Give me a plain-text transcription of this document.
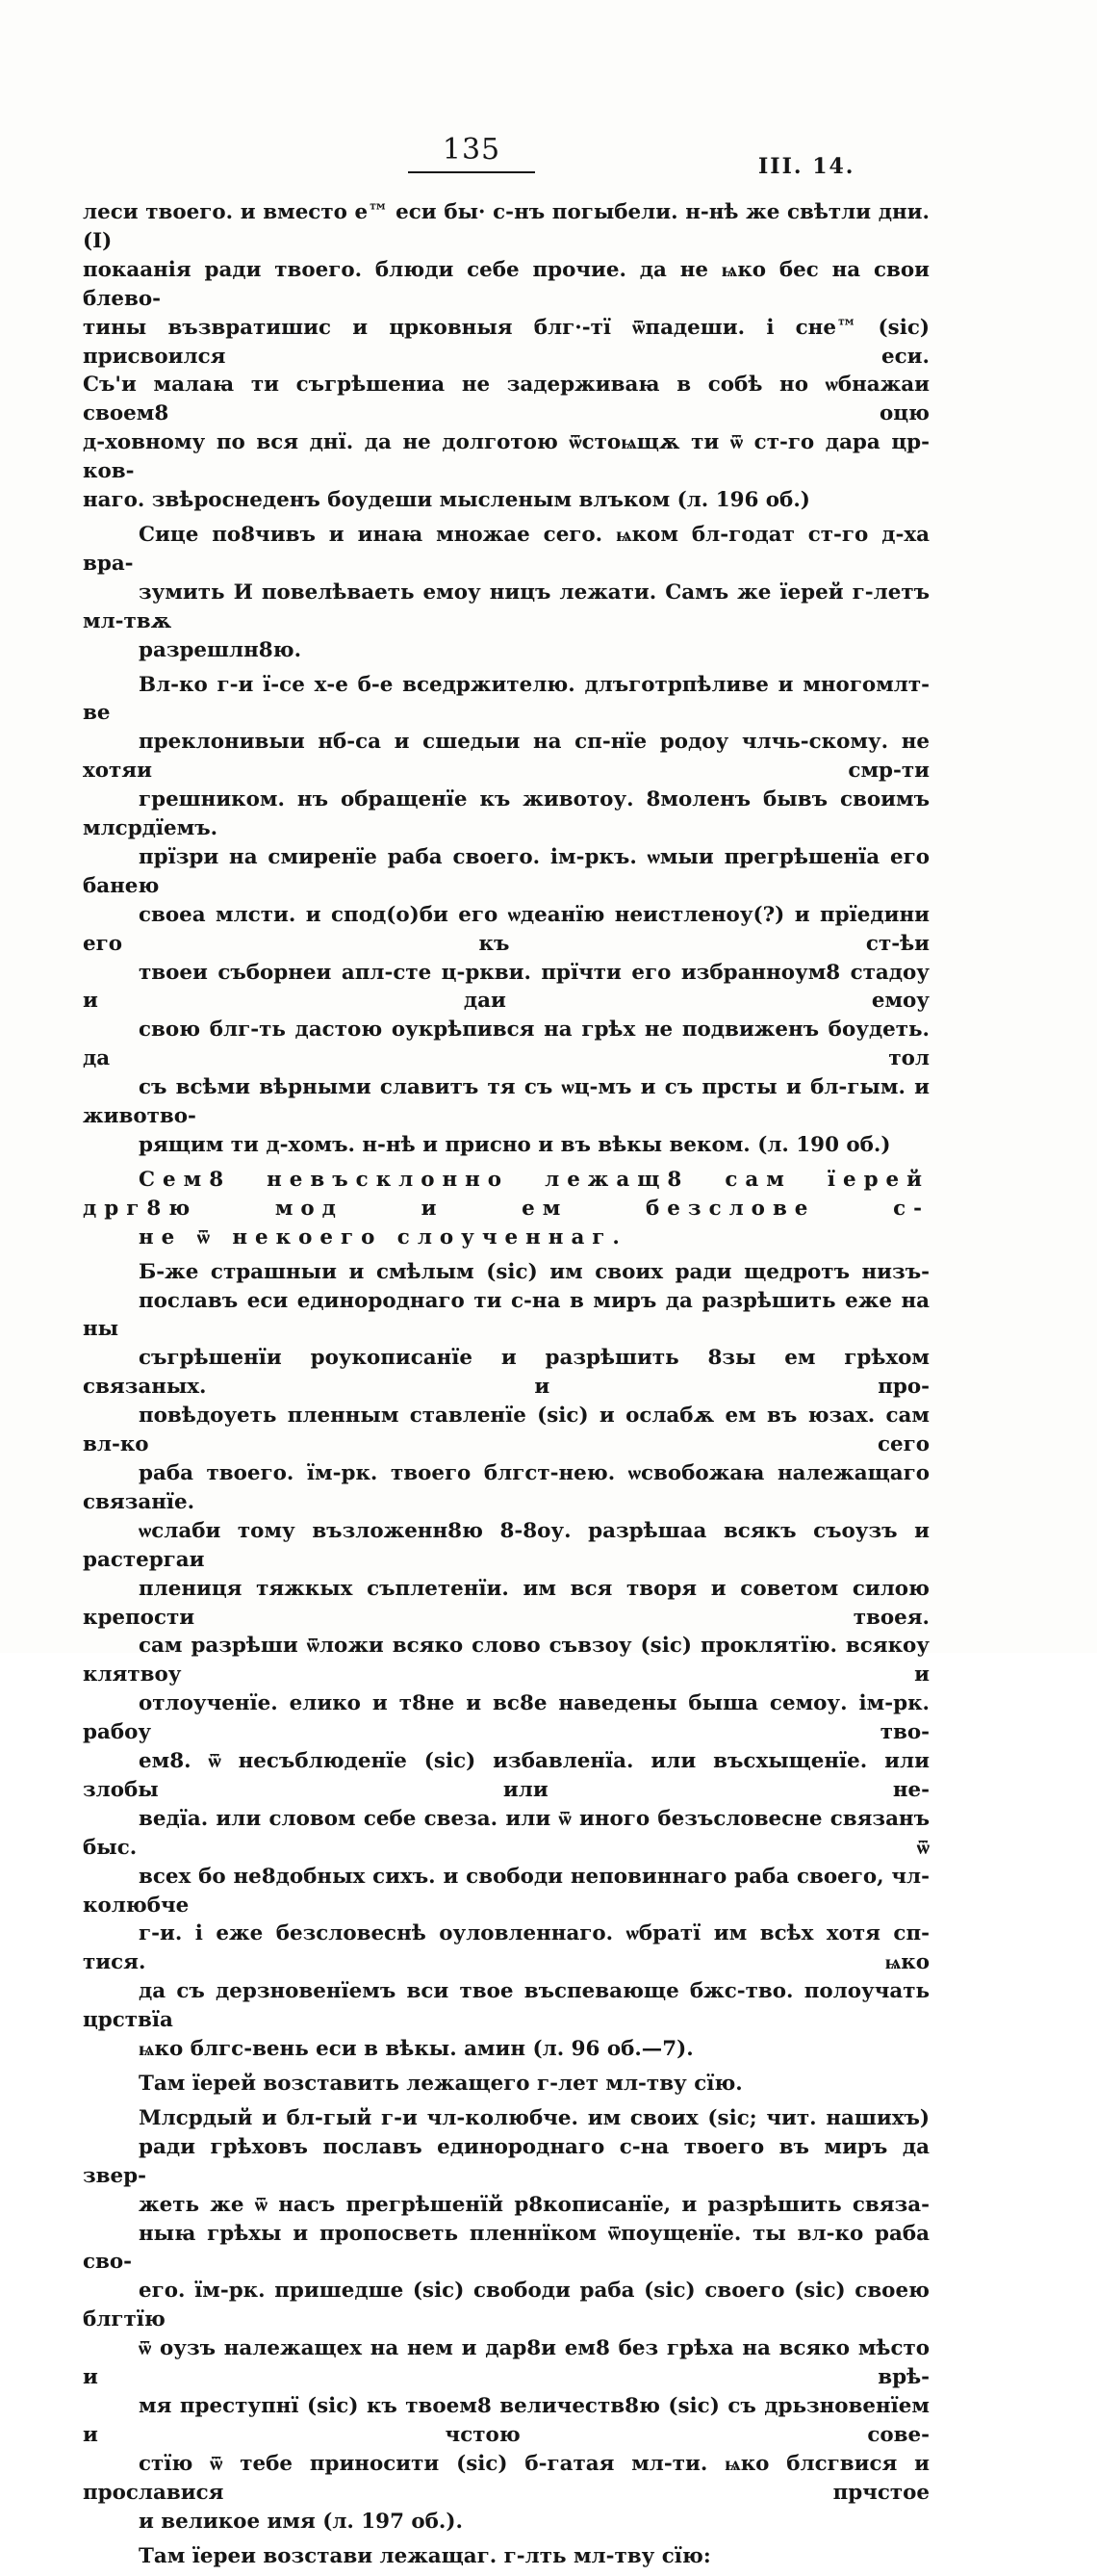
135	III. 14.

леси твоего. и вместо е™ еси бы· с-нъ погыбели. н-нѣ же свѣтли дни. (I)
покаанія ради твоего. блюди себе прочие. да не ѩко бес на свои блево-
тины възвратишис и црковныя блг·-тї ѿпадеши. і сне™ (sic) присвоился еси.
Съ'и малаꙗ ти съгрѣшениа не задерживаꙗ в собѣ но ѡбнажаи своем8 оцю
д-ховному по вся днї. да не долготою ѿстоѩщѫ ти ѿ ст-го дара цр-ков-
наго. звѣроснеденъ боудеши мысленым влъком (л. 196 об.)

Сице по8чивъ и инаꙗ множае сего. ѩком бл-годат ст-го д-ха вра-
зумить И повелѣваеть емоу ницъ лежати. Самъ же їерей г-летъ мл-твѫ
разрешлн8ю.

Вл-ко г-и ї-се х-е б-е вседржителю. длъготрпѣливе и многомлт-ве
преклонивыи нб-са и сшедыи на сп-нїе родоу члчь-скому. не хотяи смр-ти
грешником. нъ обращенїе къ животоу. 8моленъ бывъ своимъ млсрдїемъ.
прїзри на смиренїе раба своего. ім-ркъ. ѡмыи прегрѣшенїа его банею
своеа млсти. и спод(о)би его ѡдеанїю неистленоу(?) и прїедини его къ ст-ѣи
твоеи съборнеи апл-сте ц-ркви. прїчти его избранноум8 стадоу и даи емоу
свою блг-ть дастою оукрѣпився на грѣх не подвиженъ боудеть. да тол
съ всѣми вѣрными славитъ тя съ ѡц-мъ и съ прсты и бл-гым. и животво-
рящим ти д-хомъ. н-нѣ и присно и въ вѣкы веком. (л. 190 об.)

Сем8 невъсклонно лежащ8 сам їерей дрг8ю мод и ем безслове с-
не ѿ некоего слоученнаг.

Б-же страшныи и смѣлым (sic) им своих ради щедротъ низъ-
пославъ еси единороднаго ти с-на в миръ да разрѣшить еже на ны
съгрѣшенїи роукописанїе и разрѣшить 8зы ем грѣхом связаных. и про-
повѣдоуеть пленным ставленїе (sic) и ослабѫ ем въ юзах. сам вл-ко сего
раба твоего. їм-рк. твоего блгст-нею. ѡсвобожаꙗ належащаго связанїе.
ѡслаби тому възложенн8ю 8-8оу. разрѣшаа всякъ съоузъ и растергаи
плениця тяжкых съплетенїи. им вся творя и советом силою крепости твоея.
сам разрѣши ѿложи всяко слово съвзоу (sic) проклятїю. всякоу клятвоу и
отлоученїе. елико и т8не и вс8е наведены быша семоу. ім-рк. рабоу тво-
ем8. ѿ несъблюденїе (sic) избавленїа. или въсхыщенїе. или злобы или не-
ведїа. или словом себе свеза. или ѿ иного безъсловесне связанъ быс. ѿ
всех бо не8добных сихъ. и свободи неповиннаго раба своего, чл-колюбче
г-и. і еже безсловеснѣ оуловленнаго. ѡбратї им всѣх хотя сп-тися. ѩко
да съ дерзновенїемъ вси твое въспевающе бжс-тво. полоучать црствїа
ѩко блгс-вень еси в вѣкы. амин (л. 96 об.—7).

Там їерей возставить лежащего г-лет мл-тву сїю.

Млсрдый и бл-гый г-и чл-колюбче. им своих (sic; чит. нашихъ)
ради грѣховъ пославъ единороднаго с-на твоего въ миръ да звер-
жеть же ѿ насъ прегрѣшенїй р8кописанїе, и разрѣшить связа-
ныꙗ грѣхы и пропоcветь пленнїком ѿпоущенїе. ты вл-ко раба сво-
его. їм-рк. пришедше (sic) свободи раба (sic) своего (sic) своею блгтїю
ѿ оузъ належащех на нем и дар8и ем8 без грѣха на всяко мѣсто и врѣ-
мя преступнї (sic) къ твоем8 величеств8ю (sic) съ дрьзновенїем и чстою сове-
стїю ѿ тебе приносити (sic) б-гатая мл-ти. ѩко блсгвися и прославися прчстое
и великое имя (л. 197 об.).

Там їереи возстави лежащаг. г-лть мл-тву сїю:
